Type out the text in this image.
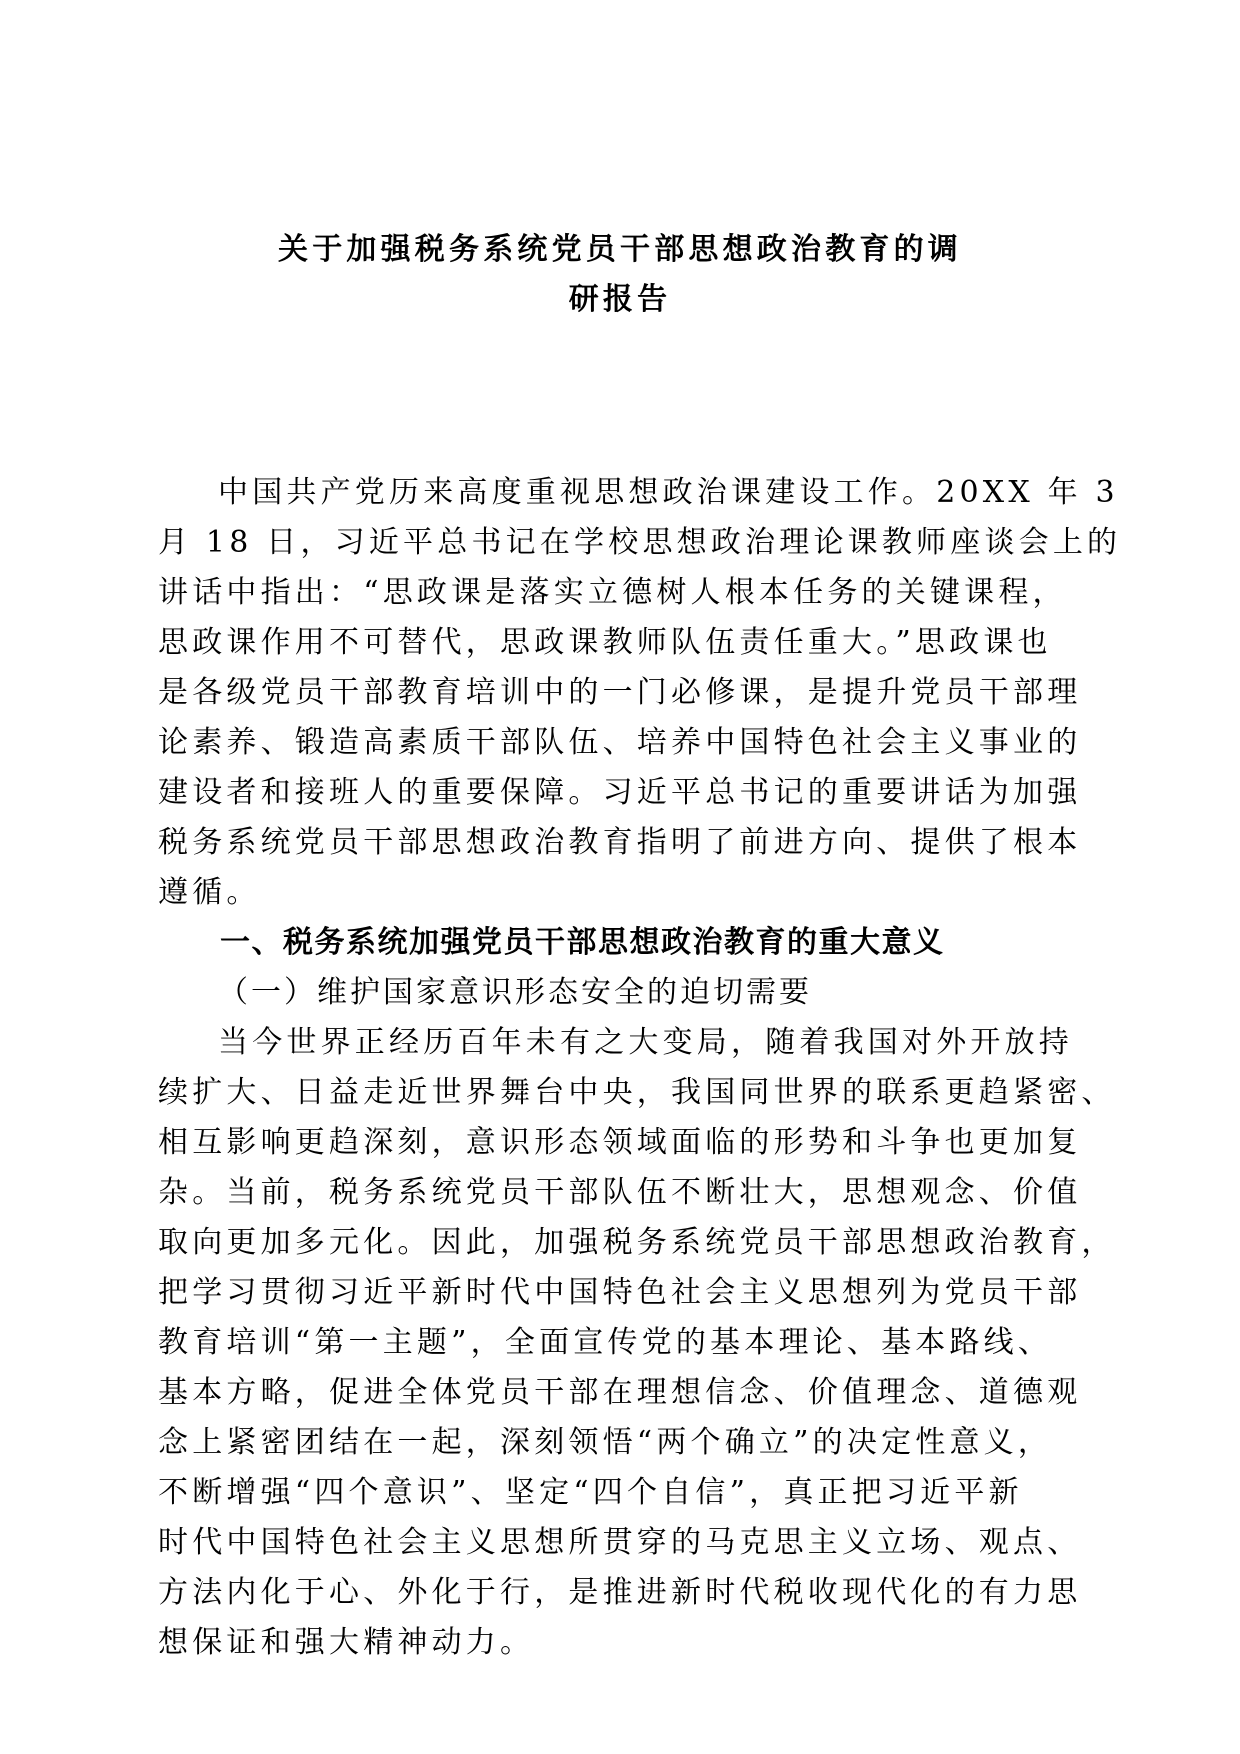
关于加强税务系统党员干部思想政治教育的调
研报告
中国共产党历来高度重视思想政治课建设工作。20XX 年 3
月 18 日，习近平总书记在学校思想政治理论课教师座谈会上的
讲话中指出：“思政课是落实立德树人根本任务的关键课程，
思政课作用不可替代，思政课教师队伍责任重大。”思政课也
是各级党员干部教育培训中的一门必修课，是提升党员干部理
论素养、锻造高素质干部队伍、培养中国特色社会主义事业的
建设者和接班人的重要保障。习近平总书记的重要讲话为加强
税务系统党员干部思想政治教育指明了前进方向、提供了根本
遵循。
一、税务系统加强党员干部思想政治教育的重大意义
（一）维护国家意识形态安全的迫切需要
当今世界正经历百年未有之大变局，随着我国对外开放持
续扩大、日益走近世界舞台中央，我国同世界的联系更趋紧密、
相互影响更趋深刻，意识形态领域面临的形势和斗争也更加复
杂。当前，税务系统党员干部队伍不断壮大，思想观念、价值
取向更加多元化。因此，加强税务系统党员干部思想政治教育，
把学习贯彻习近平新时代中国特色社会主义思想列为党员干部
教育培训“第一主题”，全面宣传党的基本理论、基本路线、
基本方略，促进全体党员干部在理想信念、价值理念、道德观
念上紧密团结在一起，深刻领悟“两个确立”的决定性意义，
不断增强“四个意识”、坚定“四个自信”，真正把习近平新
时代中国特色社会主义思想所贯穿的马克思主义立场、观点、
方法内化于心、外化于行，是推进新时代税收现代化的有力思
想保证和强大精神动力。
